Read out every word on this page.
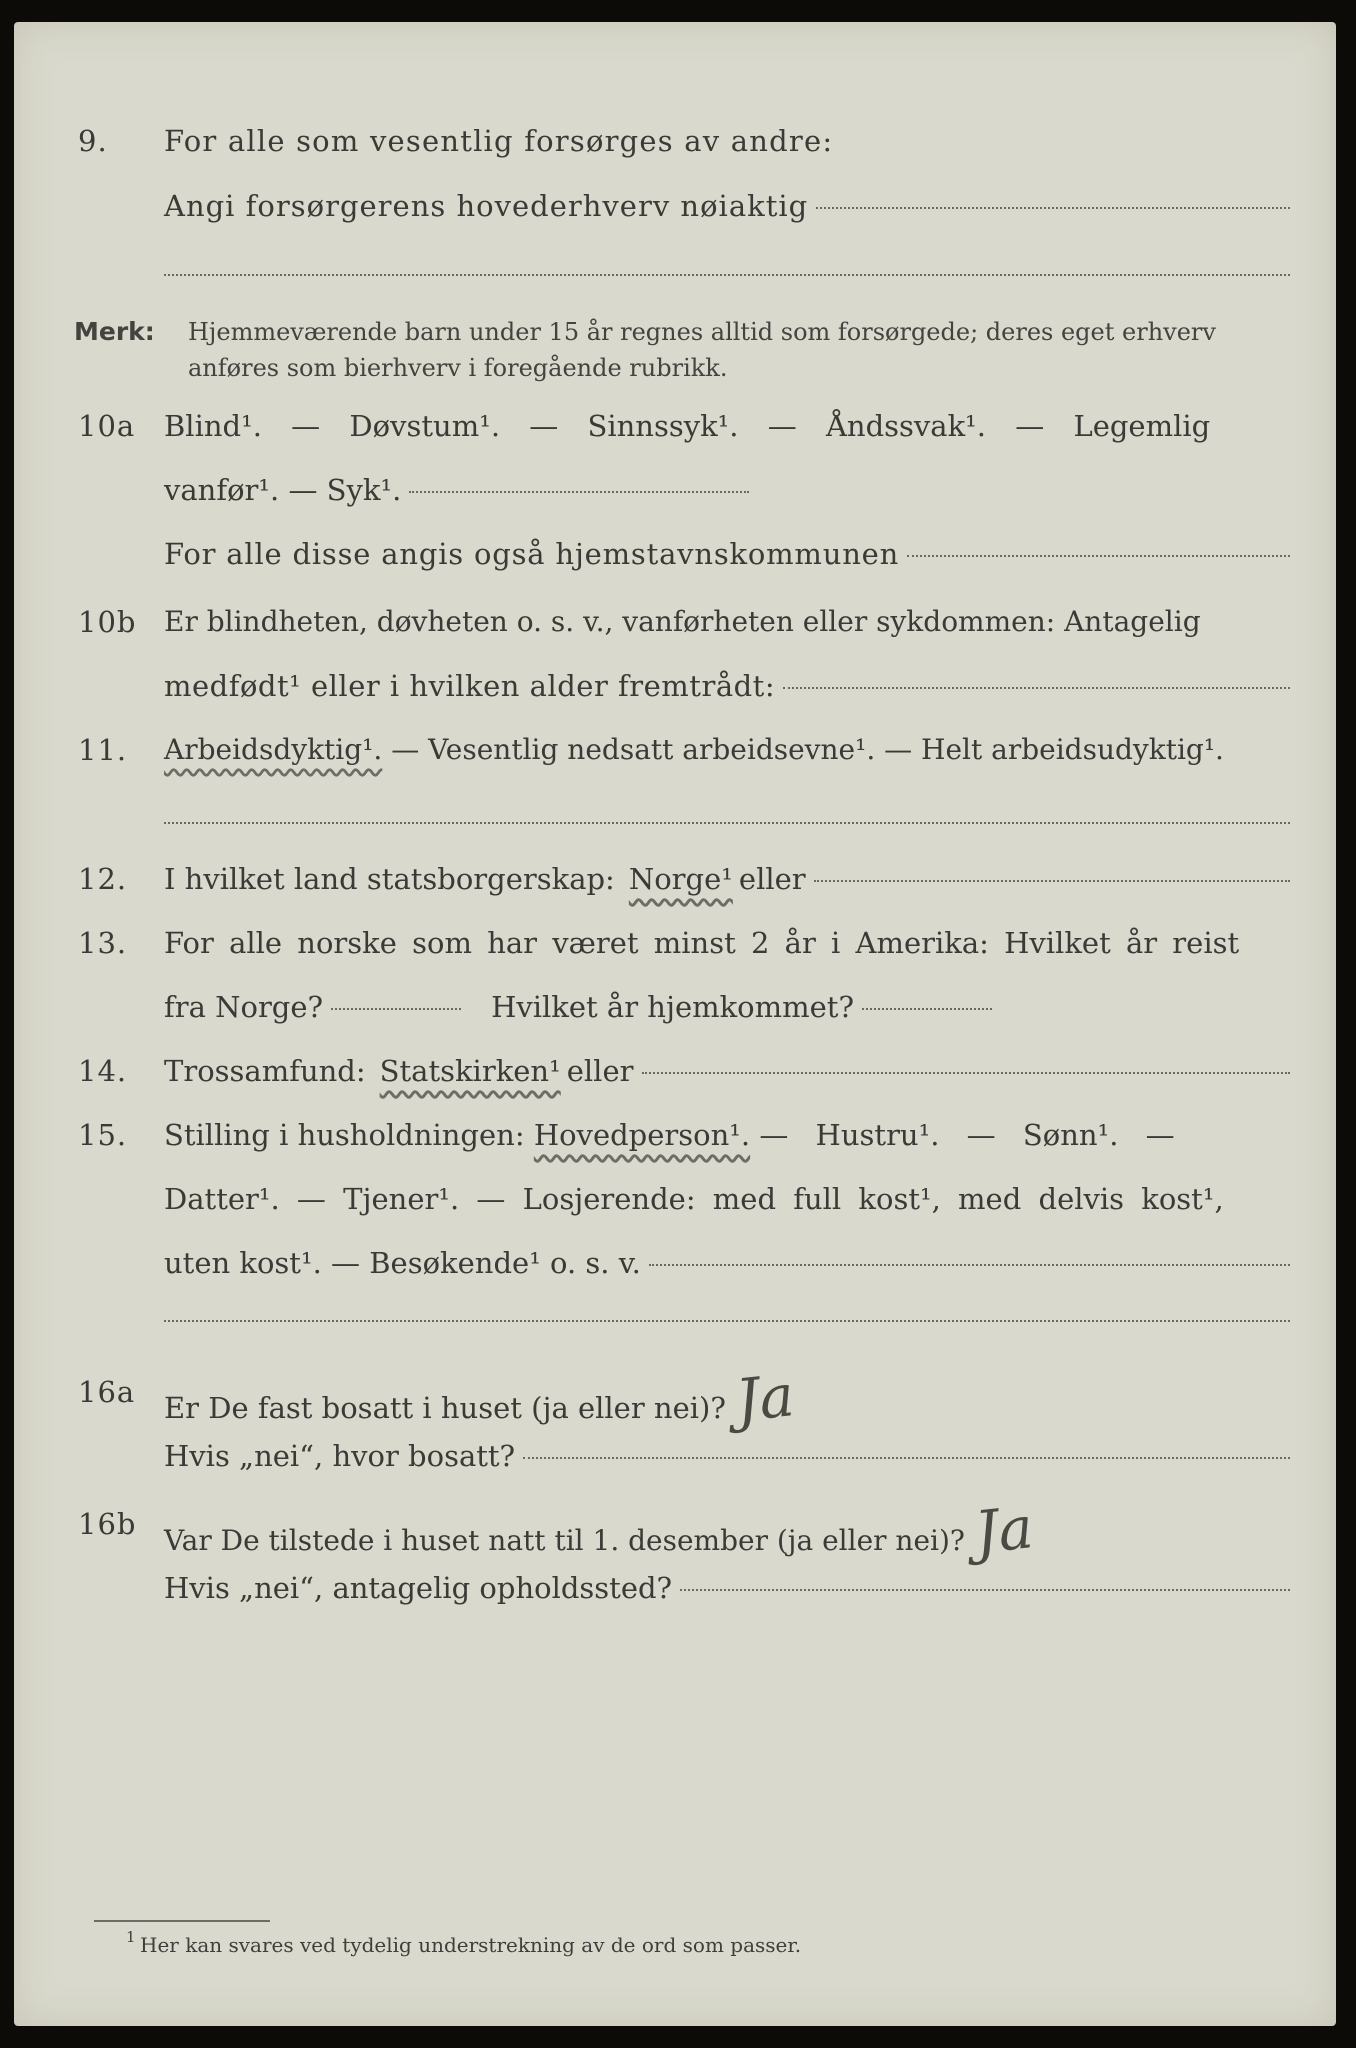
9.	For alle som vesentlig forsørges av andre:
Angi forsørgerens hovederhverv nøiaktig
Merk: Hjemmeværende barn under 15 år regnes alltid som forsørgede; deres eget erhverv
anføres som bierhverv i foregående rubrikk.
10a Blind¹. — Døvstum¹. — Sinnssyk¹. — Åndssvak¹. — Legemlig
vanfør¹. — Syk¹.
For alle disse angis også hjemstavnskommunen
10b Er blindheten, døvheten o. s. v., vanførheten eller sykdommen: Antagelig
medfødt¹ eller i hvilken alder fremtrådt:
11.	Arbeidsdyktig¹. — Vesentlig nedsatt arbeidsevne¹. — Helt arbeidsudyktig¹.
12.	I hvilket land statsborgerskap: Norge¹ eller
13.	For alle norske som har været minst 2 år i Amerika: Hvilket år reist
fra Norge?	Hvilket år hjemkommet?
14.	Trossamfund: Statskirken¹ eller
15.	Stilling i husholdningen: Hovedperson¹. — Hustru¹. — Sønn¹. —
Datter¹. — Tjener¹. — Losjerende: med full kost¹, med delvis kost¹,
uten kost¹. — Besøkende¹ o. s. v.
16a Er De fast bosatt i huset (ja eller nei)? Ja
Hvis „nei“, hvor bosatt?
16b Var De tilstede i huset natt til 1. desember (ja eller nei)? Ja
Hvis „nei“, antagelig opholdssted?
1 Her kan svares ved tydelig understrekning av de ord som passer.
